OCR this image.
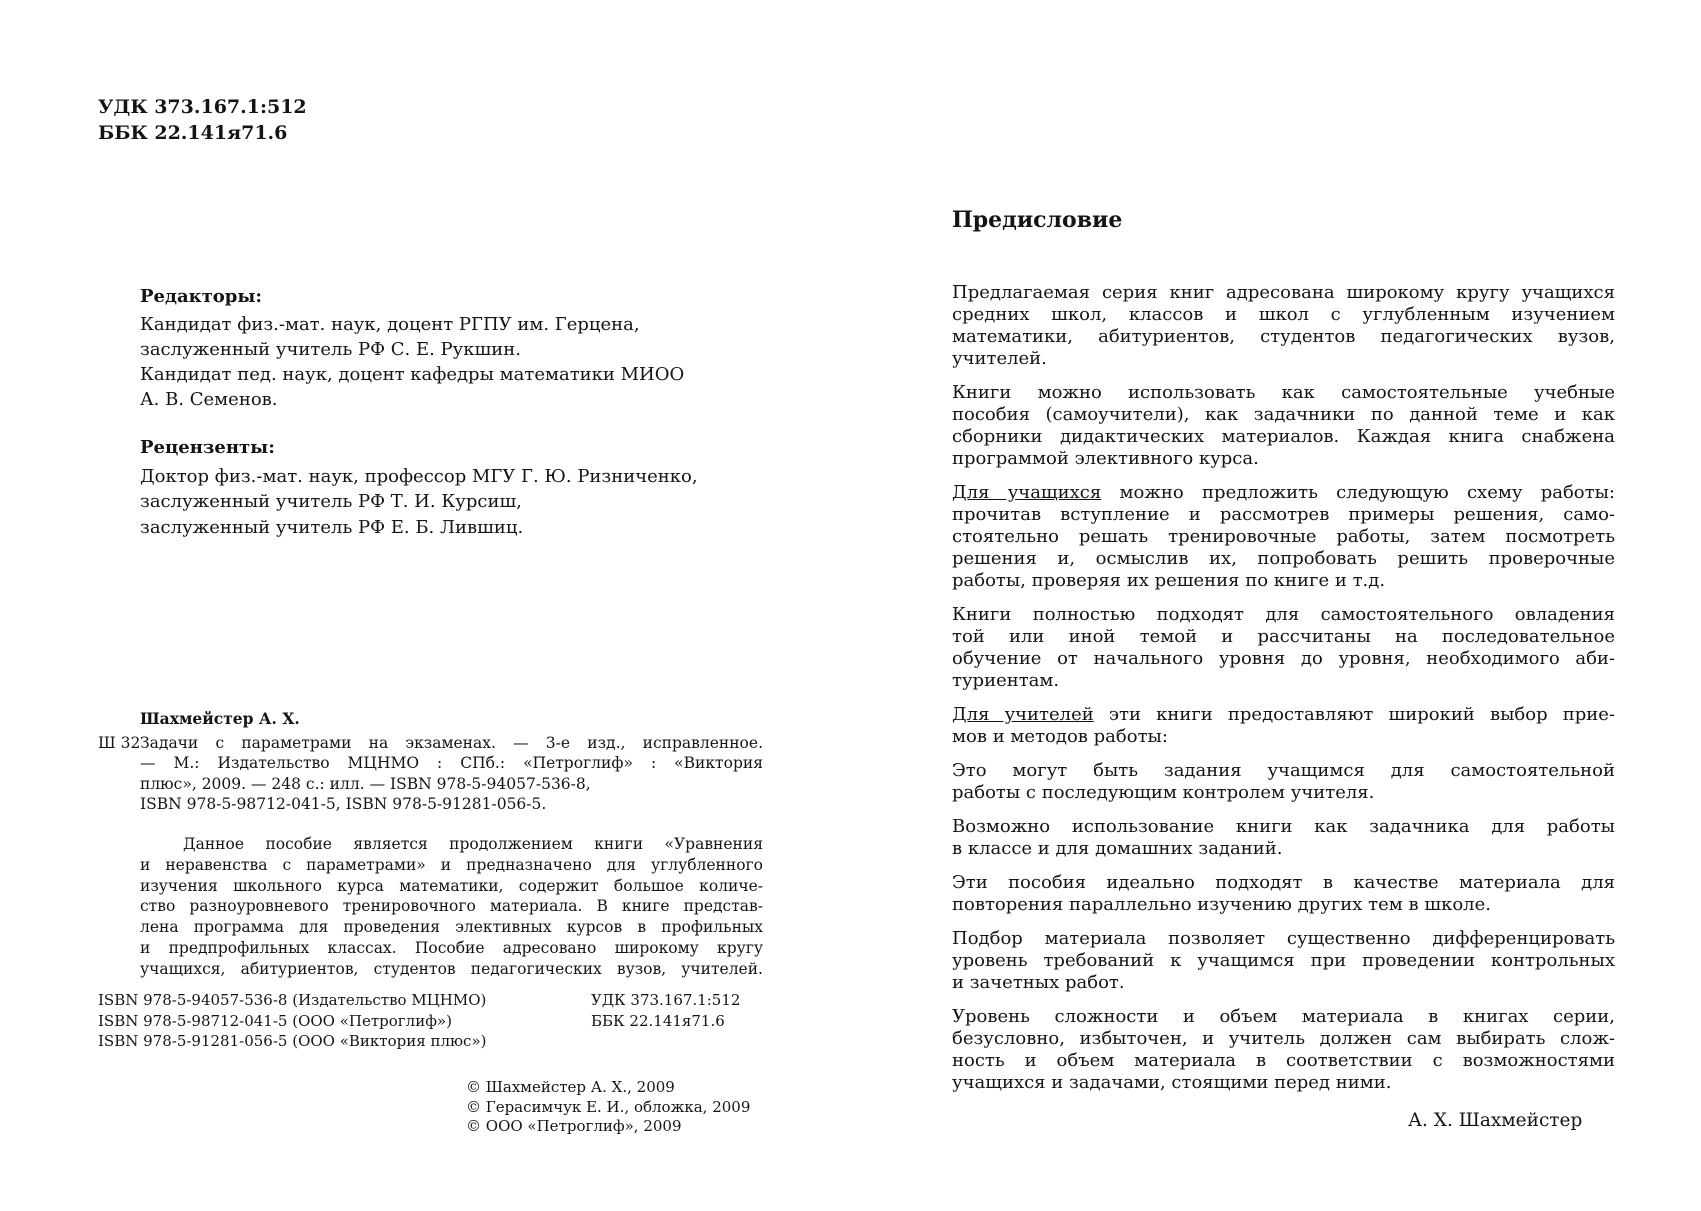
УДК 373.167.1:512
ББК 22.141я71.6
Редакторы:
Кандидат физ.-мат. наук, доцент РГПУ им. Герцена,
заслуженный учитель РФ С. Е. Рукшин.
Кандидат пед. наук, доцент кафедры математики МИОО
А. В. Семенов.
Рецензенты:
Доктор физ.-мат. наук, профессор МГУ Г. Ю. Ризниченко,
заслуженный учитель РФ Т. И. Курсиш,
заслуженный учитель РФ Е. Б. Лившиц.
Шахмейстер А. Х.
Ш 32 Задачи с параметрами на экзаменах. — 3-е изд., исправленное.
— М.: Издательство МЦНМО : СПб.: «Петроглиф» : «Виктория
плюс», 2009. — 248 с.: илл. — ISBN 978-5-94057-536-8,
ISBN 978-5-98712-041-5, ISBN 978-5-91281-056-5.
Данное пособие является продолжением книги «Уравнения
и неравенства с параметрами» и предназначено для углубленного
изучения школьного курса математики, содержит большое количе-
ство разноуровневого тренировочного материала. В книге представ-
лена программа для проведения элективных курсов в профильных
и предпрофильных классах. Пособие адресовано широкому кругу
учащихся, абитуриентов, студентов педагогических вузов, учителей.
ISBN 978-5-94057-536-8 (Издательство МЦНМО)
ISBN 978-5-98712-041-5 (ООО «Петроглиф»)
ISBN 978-5-91281-056-5 (ООО «Виктория плюс»)
УДК 373.167.1:512
ББК 22.141я71.6
© Шахмейстер А. Х., 2009
© Герасимчук Е. И., обложка, 2009
© ООО «Петроглиф», 2009
Предисловие
Предлагаемая серия книг адресована широкому кругу учащихся
средних школ, классов и школ с углубленным изучением
математики, абитуриентов, студентов педагогических вузов,
учителей.
Книги можно использовать как самостоятельные учебные
пособия (самоучители), как задачники по данной теме и как
сборники дидактических материалов. Каждая книга снабжена
программой элективного курса.
Для учащихся можно предложить следующую схему работы:
прочитав вступление и рассмотрев примеры решения, само-
стоятельно решать тренировочные работы, затем посмотреть
решения и, осмыслив их, попробовать решить проверочные
работы, проверяя их решения по книге и т.д.
Книги полностью подходят для самостоятельного овладения
той или иной темой и рассчитаны на последовательное
обучение от начального уровня до уровня, необходимого аби-
туриентам.
Для учителей эти книги предоставляют широкий выбор прие-
мов и методов работы:
Это могут быть задания учащимся для самостоятельной
работы с последующим контролем учителя.
Возможно использование книги как задачника для работы
в классе и для домашних заданий.
Эти пособия идеально подходят в качестве материала для
повторения параллельно изучению других тем в школе.
Подбор материала позволяет существенно дифференцировать
уровень требований к учащимся при проведении контрольных
и зачетных работ.
Уровень сложности и объем материала в книгах серии,
безусловно, избыточен, и учитель должен сам выбирать слож-
ность и объем материала в соответствии с возможностями
учащихся и задачами, стоящими перед ними.
А. Х. Шахмейстер
